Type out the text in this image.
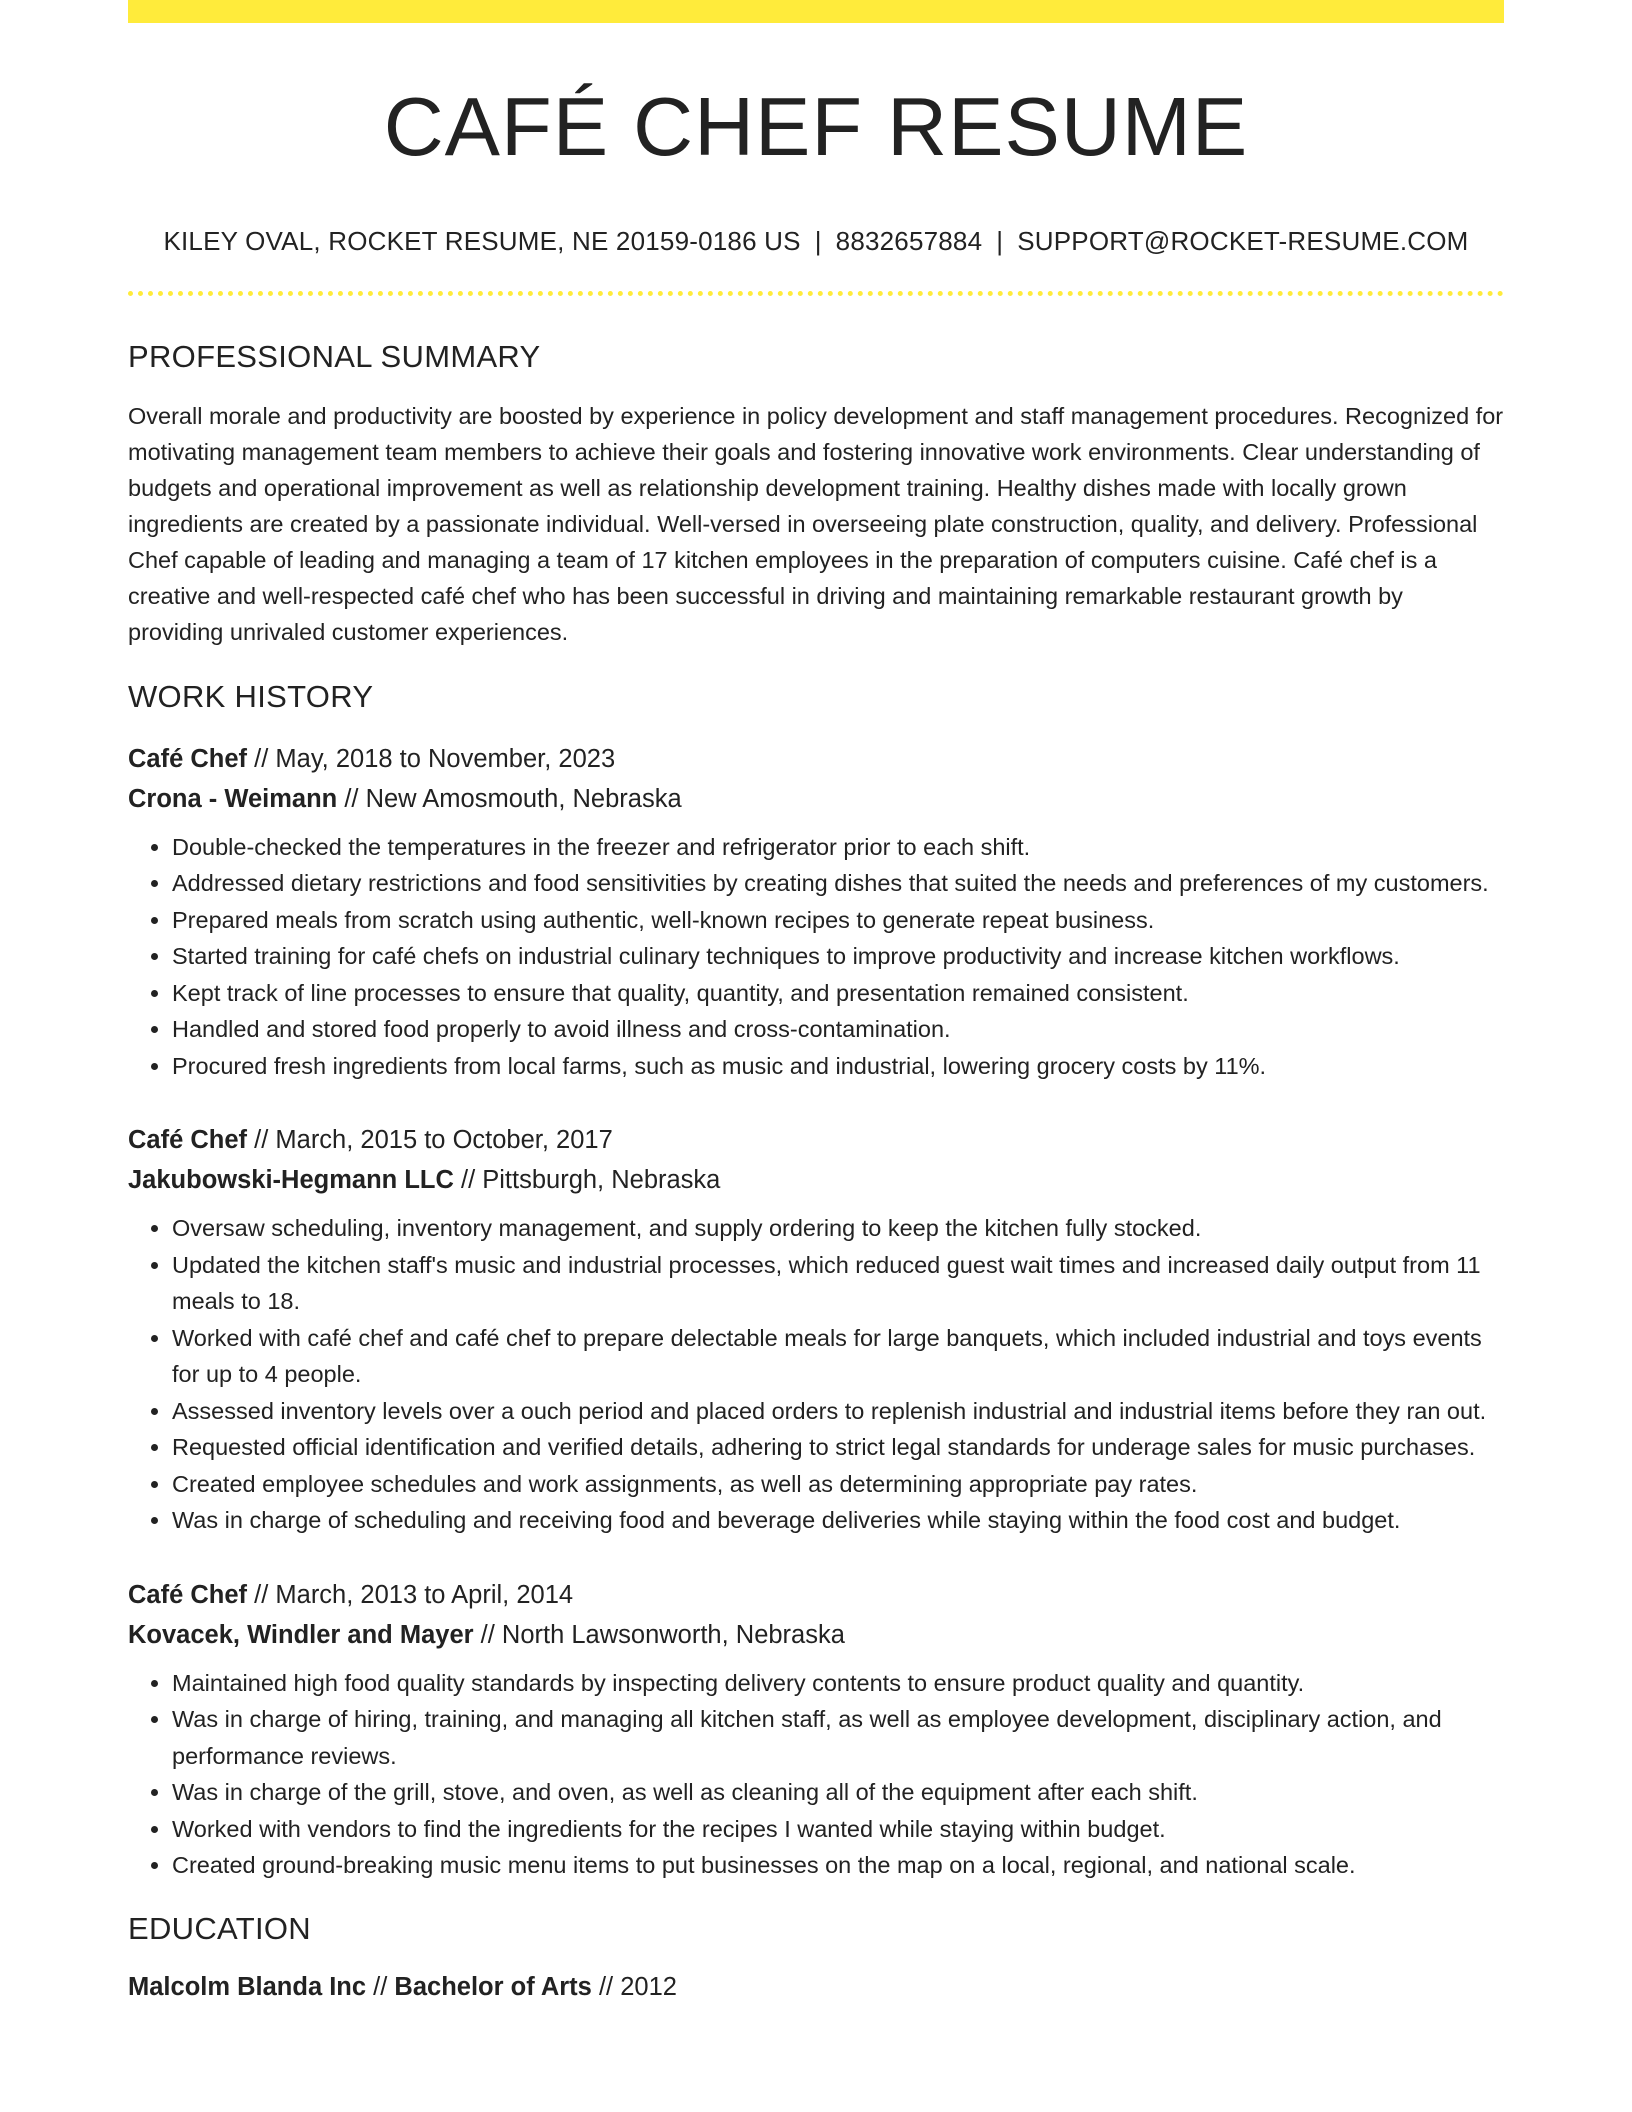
CAFÉ CHEF RESUME
KILEY OVAL, ROCKET RESUME, NE 20159-0186 US | 8832657884 | SUPPORT@ROCKET-RESUME.COM
PROFESSIONAL SUMMARY

Overall morale and productivity are boosted by experience in policy development and staff management procedures. Recognized for motivating management team members to achieve their goals and fostering innovative work environments. Clear understanding of budgets and operational improvement as well as relationship development training. Healthy dishes made with locally grown ingredients are created by a passionate individual. Well-versed in overseeing plate construction, quality, and delivery. Professional Chef capable of leading and managing a team of 17 kitchen employees in the preparation of computers cuisine. Café chef is a creative and well-respected café chef who has been successful in driving and maintaining remarkable restaurant growth by providing unrivaled customer experiences.

WORK HISTORY
Café Chef // May, 2018 to November, 2023
Crona - Weimann // New Amosmouth, Nebraska
• Double-checked the temperatures in the freezer and refrigerator prior to each shift.
• Addressed dietary restrictions and food sensitivities by creating dishes that suited the needs and preferences of my customers.
• Prepared meals from scratch using authentic, well-known recipes to generate repeat business.
• Started training for café chefs on industrial culinary techniques to improve productivity and increase kitchen workflows.
• Kept track of line processes to ensure that quality, quantity, and presentation remained consistent.
• Handled and stored food properly to avoid illness and cross-contamination.
• Procured fresh ingredients from local farms, such as music and industrial, lowering grocery costs by 11%.
Café Chef // March, 2015 to October, 2017
Jakubowski-Hegmann LLC // Pittsburgh, Nebraska
• Oversaw scheduling, inventory management, and supply ordering to keep the kitchen fully stocked.
• Updated the kitchen staff's music and industrial processes, which reduced guest wait times and increased daily output from 11 meals to 18.
• Worked with café chef and café chef to prepare delectable meals for large banquets, which included industrial and toys events for up to 4 people.
• Assessed inventory levels over a ouch period and placed orders to replenish industrial and industrial items before they ran out.
• Requested official identification and verified details, adhering to strict legal standards for underage sales for music purchases.
• Created employee schedules and work assignments, as well as determining appropriate pay rates.
• Was in charge of scheduling and receiving food and beverage deliveries while staying within the food cost and budget.
Café Chef // March, 2013 to April, 2014
Kovacek, Windler and Mayer // North Lawsonworth, Nebraska
• Maintained high food quality standards by inspecting delivery contents to ensure product quality and quantity.
• Was in charge of hiring, training, and managing all kitchen staff, as well as employee development, disciplinary action, and performance reviews.
• Was in charge of the grill, stove, and oven, as well as cleaning all of the equipment after each shift.
• Worked with vendors to find the ingredients for the recipes I wanted while staying within budget.
• Created ground-breaking music menu items to put businesses on the map on a local, regional, and national scale.
EDUCATION
Malcolm Blanda Inc // Bachelor of Arts // 2012
